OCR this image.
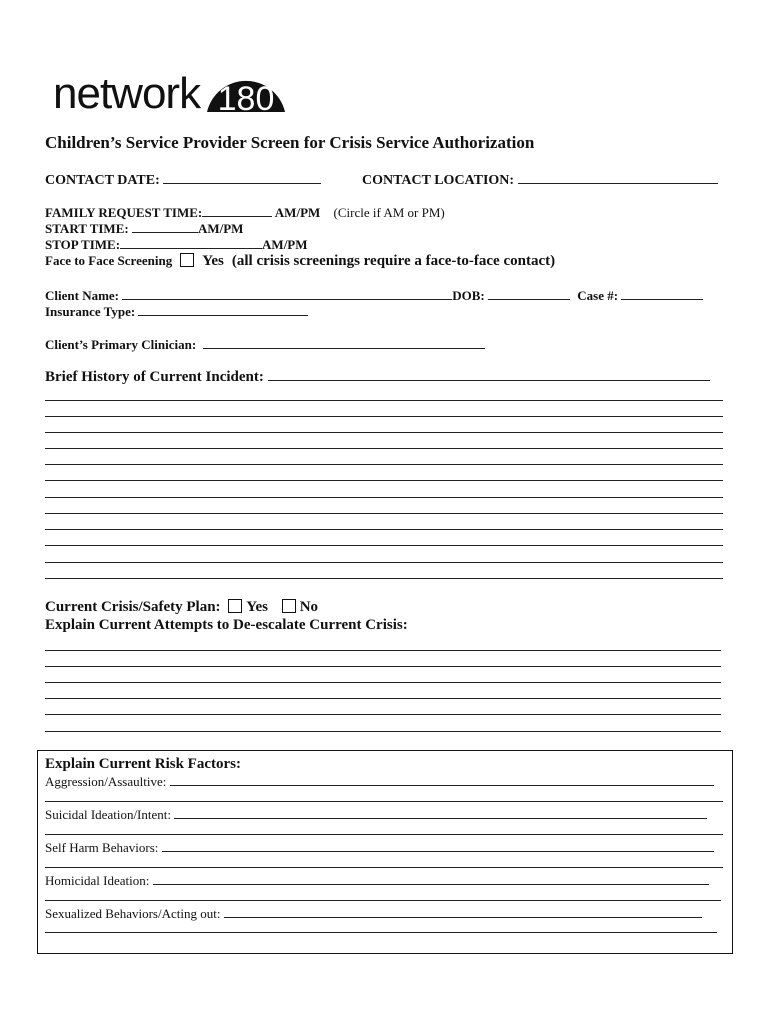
network 180
Children’s Service Provider Screen for Crisis Service Authorization
CONTACT DATE:	CONTACT LOCATION:
FAMILY REQUEST TIME:	AM/PM (Circle if AM or PM)
START TIME:	AM/PM
STOP TIME:	AM/PM
Face to Face Screening Yes (all crisis screenings require a face-to-face contact)
Client Name:	DOB:	Case #:
Insurance Type:
Client’s Primary Clinician:
Brief History of Current Incident:
Current Crisis/Safety Plan: Yes No
Explain Current Attempts to De-escalate Current Crisis:
Explain Current Risk Factors:
Aggression/Assaultive:
Suicidal Ideation/Intent:
Self Harm Behaviors:
Homicidal Ideation:
Sexualized Behaviors/Acting out:
